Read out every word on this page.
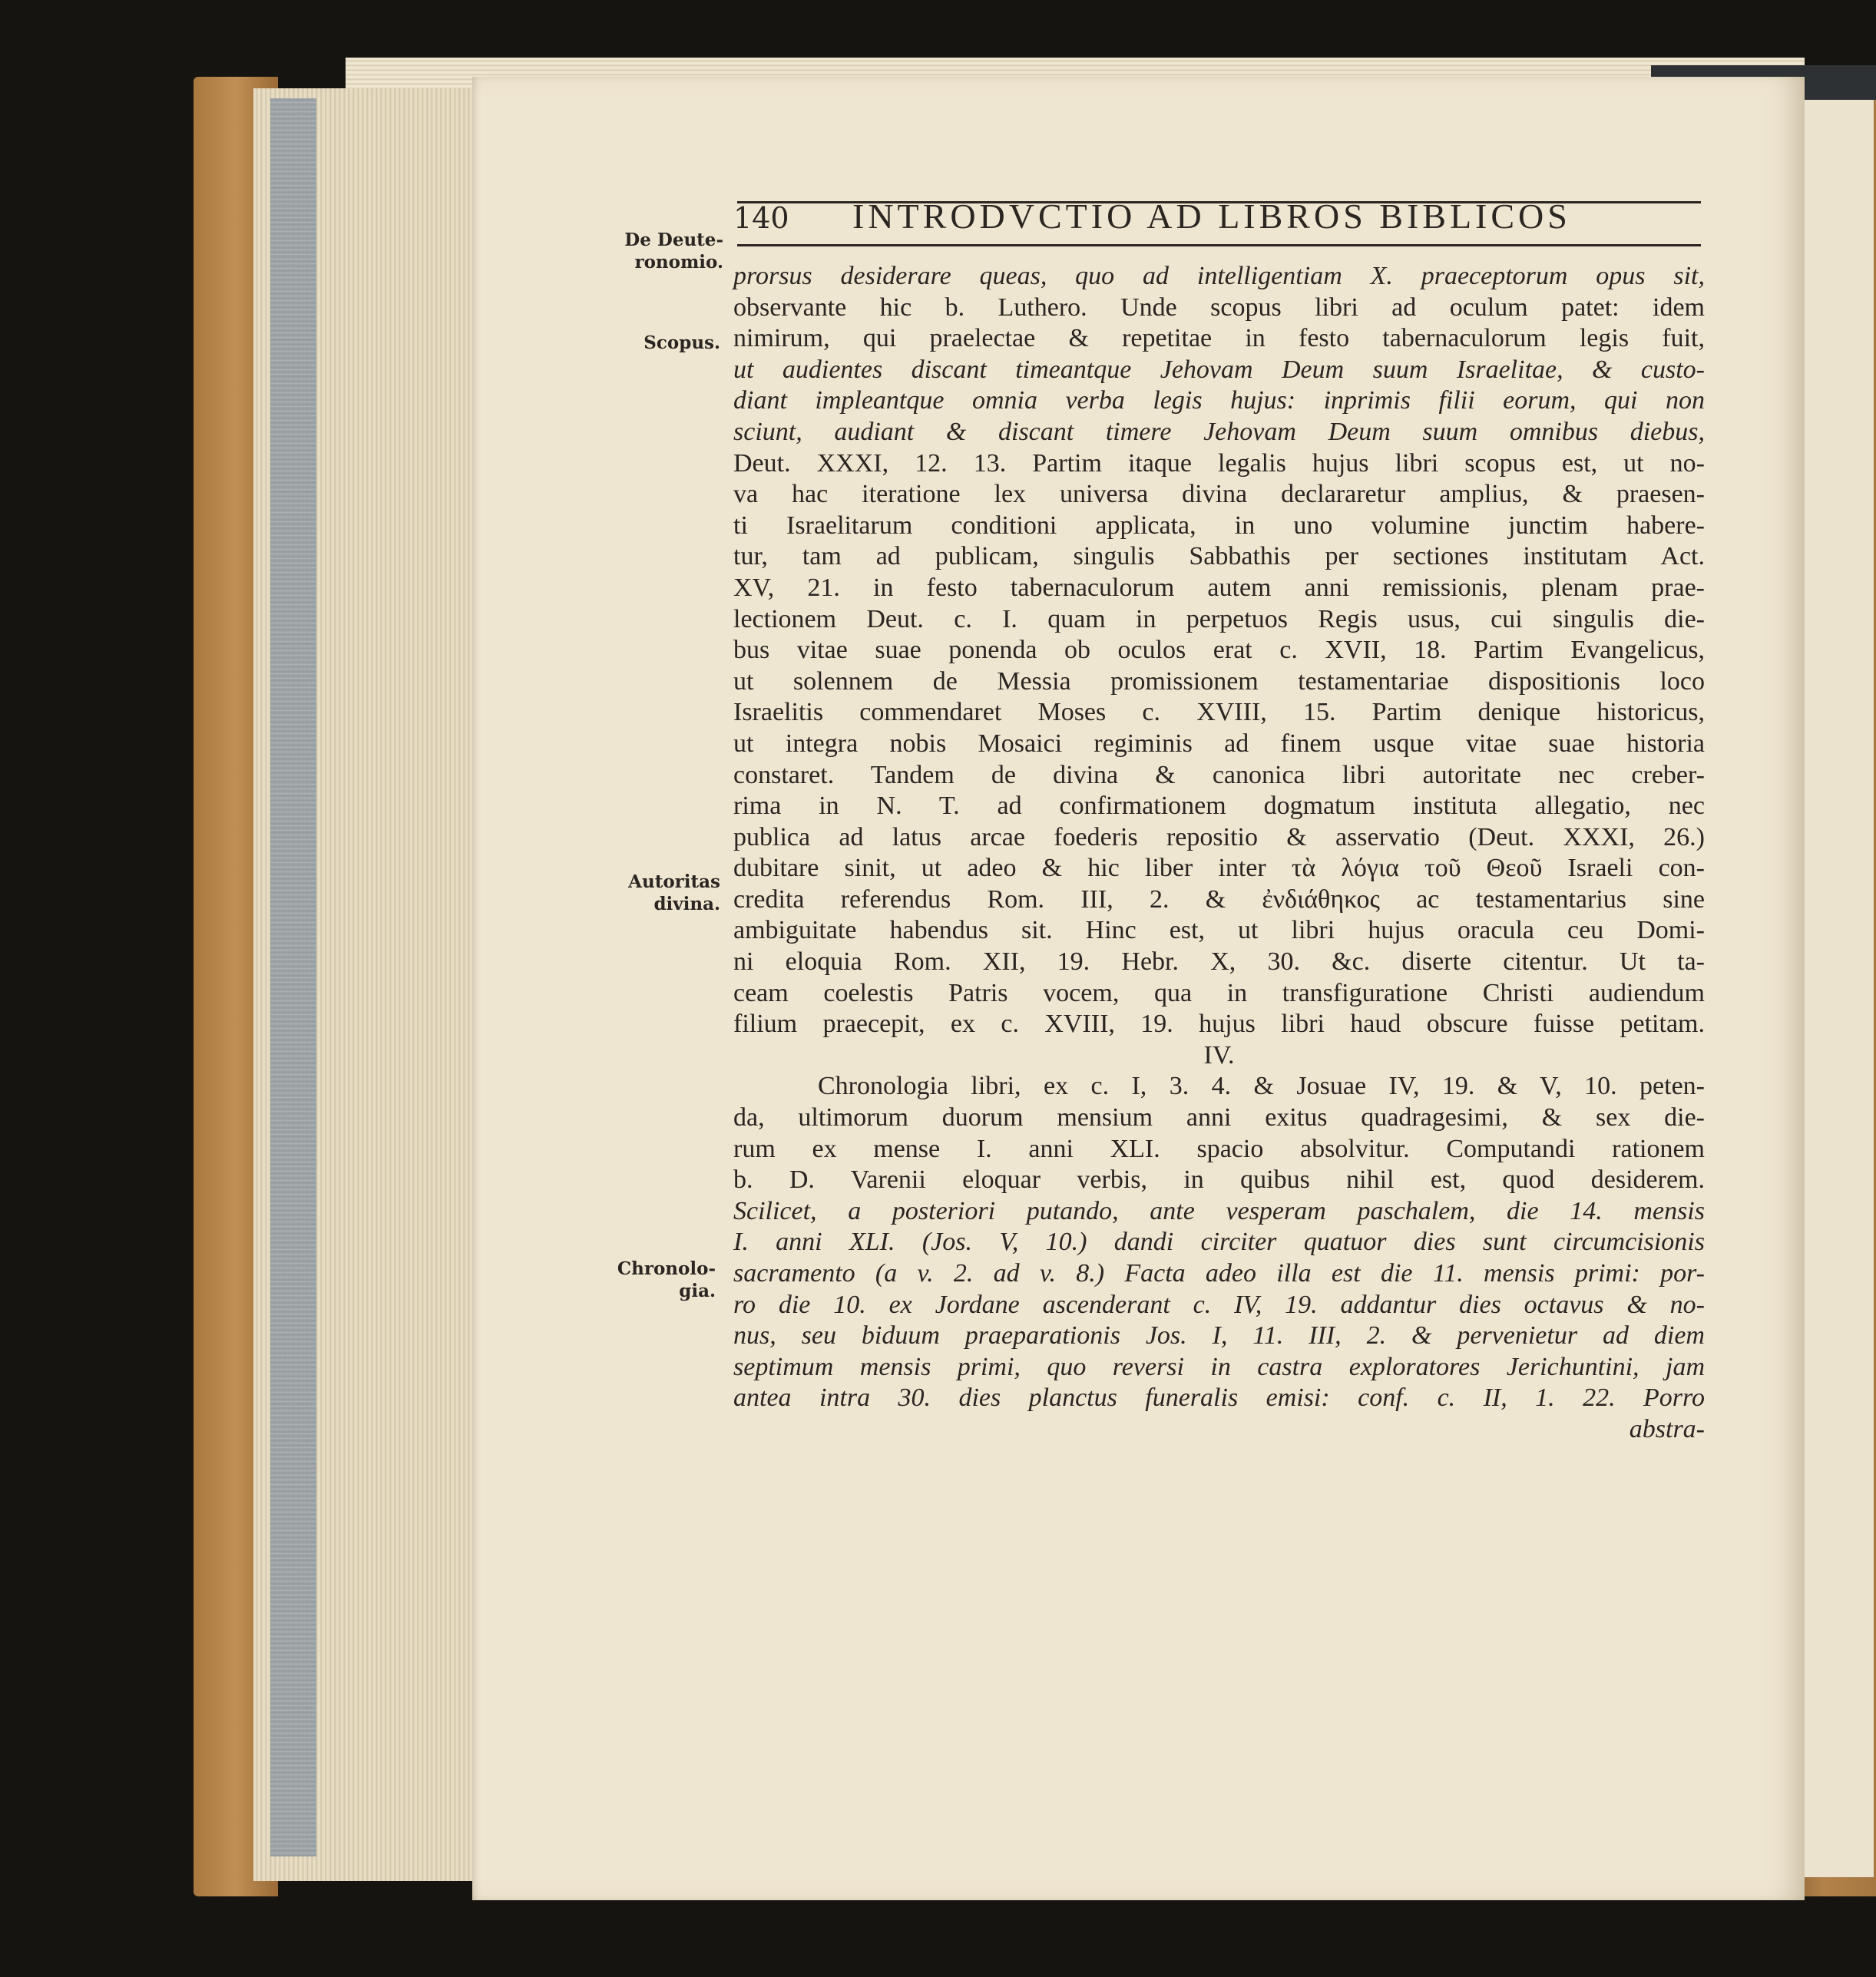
140 INTRODVCTIO AD LIBROS BIBLICOS
De Deute-
ronomio.
Scopus.
Autoritas
divina.
Chronolo-
gia.
prorsus desiderare queas, quo ad intelligentiam X. praeceptorum opus sit,
observante hic b. Luthero. Unde scopus libri ad oculum patet: idem
nimirum, qui praelectae & repetitae in festo tabernaculorum legis fuit,
ut audientes discant timeantque Jehovam Deum suum Israelitae, & custo-
diant impleantque omnia verba legis hujus: inprimis filii eorum, qui non
sciunt, audiant & discant timere Jehovam Deum suum omnibus diebus,
Deut. XXXI, 12. 13. Partim itaque legalis hujus libri scopus est, ut no-
va hac iteratione lex universa divina declararetur amplius, & praesen-
ti Israelitarum conditioni applicata, in uno volumine junctim habere-
tur, tam ad publicam, singulis Sabbathis per sectiones institutam Act.
XV, 21. in festo tabernaculorum autem anni remissionis, plenam prae-
lectionem Deut. c. I. quam in perpetuos Regis usus, cui singulis die-
bus vitae suae ponenda ob oculos erat c. XVII, 18. Partim Evangelicus,
ut solennem de Messia promissionem testamentariae dispositionis loco
Israelitis commendaret Moses c. XVIII, 15. Partim denique historicus,
ut integra nobis Mosaici regiminis ad finem usque vitae suae historia
constaret. Tandem de divina & canonica libri autoritate nec creber-
rima in N. T. ad confirmationem dogmatum instituta allegatio, nec
publica ad latus arcae foederis repositio & asservatio (Deut. XXXI, 26.)
dubitare sinit, ut adeo & hic liber inter τὰ λόγια τοῦ Θεοῦ Israeli con-
credita referendus Rom. III, 2. & ἐνδιάθηκος ac testamentarius sine
ambiguitate habendus sit. Hinc est, ut libri hujus oracula ceu Domi-
ni eloquia Rom. XII, 19. Hebr. X, 30. &c. diserte citentur. Ut ta-
ceam coelestis Patris vocem, qua in transfiguratione Christi audiendum
filium praecepit, ex c. XVIII, 19. hujus libri haud obscure fuisse petitam.
IV.
Chronologia libri, ex c. I, 3. 4. & Josuae IV, 19. & V, 10. peten-
da, ultimorum duorum mensium anni exitus quadragesimi, & sex die-
rum ex mense I. anni XLI. spacio absolvitur. Computandi rationem
b. D. Varenii eloquar verbis, in quibus nihil est, quod desiderem.
Scilicet, a posteriori putando, ante vesperam paschalem, die 14. mensis
I. anni XLI. (Jos. V, 10.) dandi circiter quatuor dies sunt circumcisionis
sacramento (a v. 2. ad v. 8.) Facta adeo illa est die 11. mensis primi: por-
ro die 10. ex Jordane ascenderant c. IV, 19. addantur dies octavus & no-
nus, seu biduum praeparationis Jos. I, 11. III, 2. & pervenietur ad diem
septimum mensis primi, quo reversi in castra exploratores Jerichuntini, jam
antea intra 30. dies planctus funeralis emisi: conf. c. II, 1. 22. Porro
abstra-
